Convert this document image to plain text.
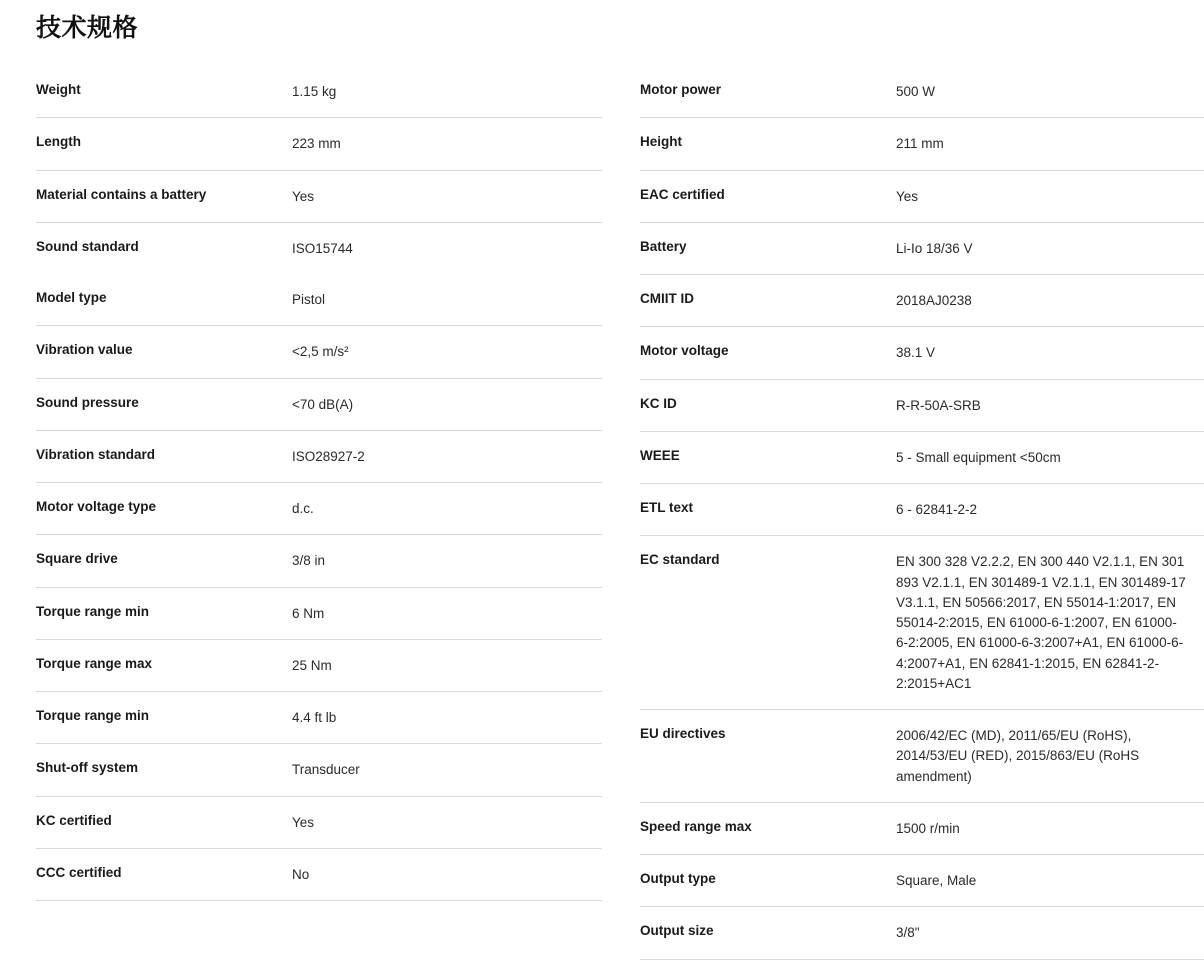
技术规格
Weight	1.15 kg
Length	223 mm
Material contains a battery	Yes
Sound standard	ISO15744
Model type	Pistol
Vibration value	<2,5 m/s²
Sound pressure	<70 dB(A)
Vibration standard	ISO28927-2
Motor voltage type	d.c.
Square drive	3/8 in
Torque range min	6 Nm
Torque range max	25 Nm
Torque range min	4.4 ft lb
Shut-off system	Transducer
KC certified	Yes
CCC certified	No
Motor power	500 W
Height	211 mm
EAC certified	Yes
Battery	Li-Io 18/36 V
CMIIT ID	2018AJ0238
Motor voltage	38.1 V
KC ID	R-R-50A-SRB
WEEE	5 - Small equipment <50cm
ETL text	6 - 62841-2-2
EC standard	EN 300 328 V2.2.2, EN 300 440 V2.1.1, EN 301 893 V2.1.1, EN 301489-1 V2.1.1, EN 301489-17 V3.1.1, EN 50566:2017, EN 55014-1:2017, EN 55014-2:2015, EN 61000-6-1:2007, EN 61000-6-2:2005, EN 61000-6-3:2007+A1, EN 61000-6-4:2007+A1, EN 62841-1:2015, EN 62841-2-2:2015+AC1
EU directives	2006/42/EC (MD), 2011/65/EU (RoHS), 2014/53/EU (RED), 2015/863/EU (RoHS amendment)
Speed range max	1500 r/min
Output type	Square, Male
Output size	3/8"
